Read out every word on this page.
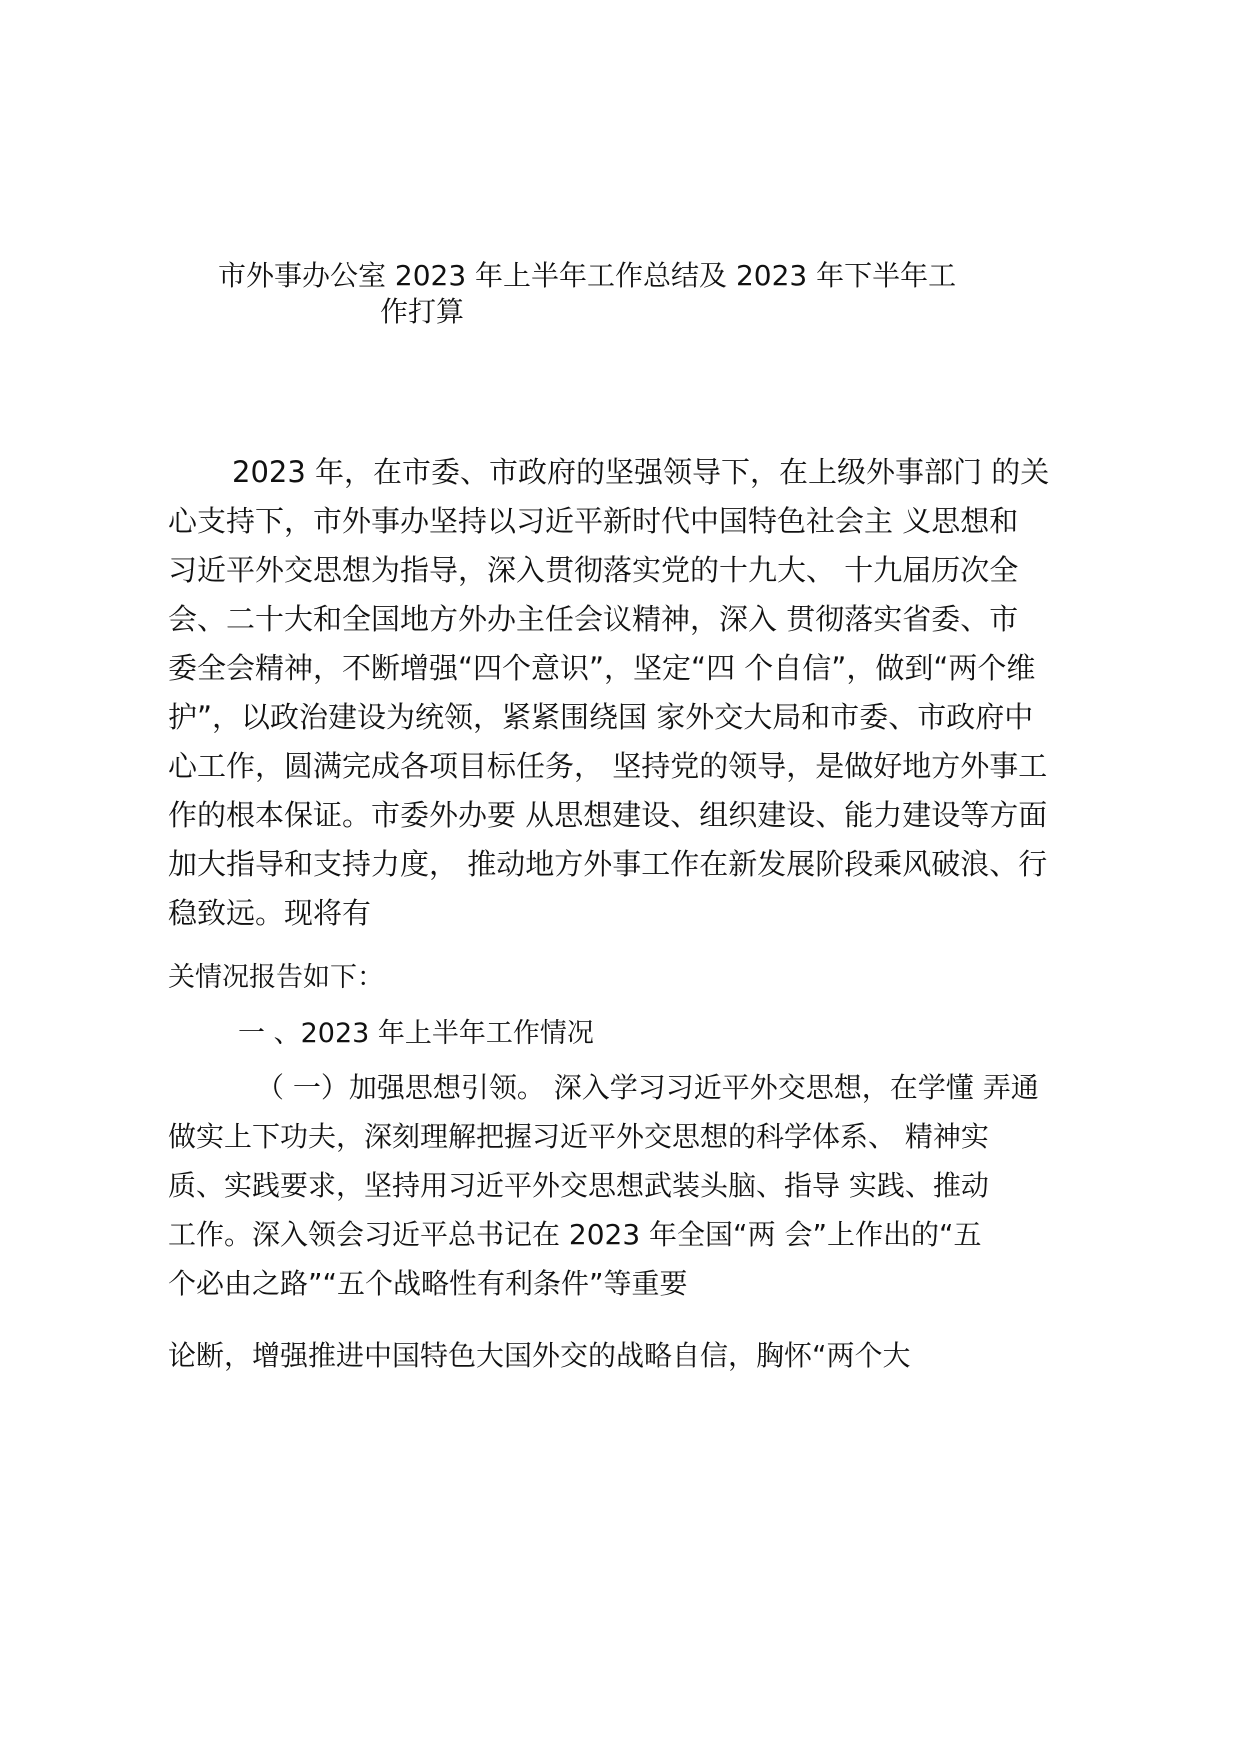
市外事办公室 2023 年上半年工作总结及 2023 年下半年工
作打算
2023 年，在市委、市政府的坚强领导下，在上级外事部门 的关
心支持下，市外事办坚持以习近平新时代中国特色社会主 义思想和
习近平外交思想为指导，深入贯彻落实党的十九大、 十九届历次全
会、二十大和全国地方外办主任会议精神，深入 贯彻落实省委、市
委全会精神，不断增强“四个意识”，坚定“四 个自信”，做到“两个维
护”，以政治建设为统领，紧紧围绕国 家外交大局和市委、市政府中
心工作，圆满完成各项目标任务， 坚持党的领导，是做好地方外事工
作的根本保证。市委外办要 从思想建设、组织建设、能力建设等方面
加大指导和支持力度， 推动地方外事工作在新发展阶段乘风破浪、行
稳致远。现将有
关情况报告如下：
一 、2023 年上半年工作情况
（ 一）加强思想引领。 深入学习习近平外交思想，在学懂 弄通
做实上下功夫，深刻理解把握习近平外交思想的科学体系、 精神实
质、实践要求，坚持用习近平外交思想武装头脑、指导 实践、推动
工作。深入领会习近平总书记在 2023 年全国“两 会”上作出的“五
个必由之路”“五个战略性有利条件”等重要
论断，增强推进中国特色大国外交的战略自信，胸怀“两个大
